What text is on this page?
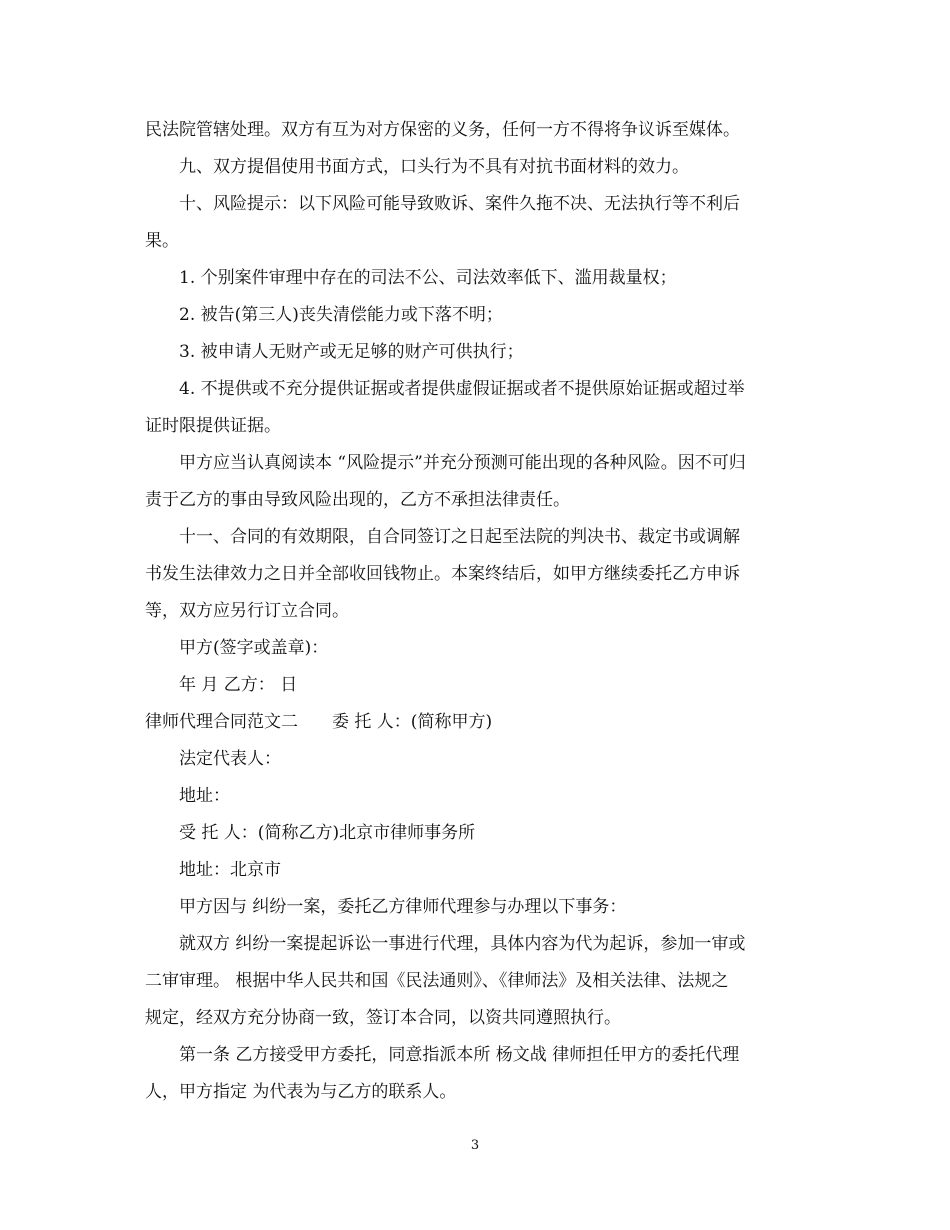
民法院管辖处理。双方有互为对方保密的义务，任何一方不得将争议诉至媒体。
九、双方提倡使用书面方式，口头行为不具有对抗书面材料的效力。
十、风险提示：以下风险可能导致败诉、案件久拖不决、无法执行等不利后
果。
1. 个别案件审理中存在的司法不公、司法效率低下、滥用裁量权；
2. 被告(第三人)丧失清偿能力或下落不明；
3. 被申请人无财产或无足够的财产可供执行；
4. 不提供或不充分提供证据或者提供虚假证据或者不提供原始证据或超过举
证时限提供证据。
甲方应当认真阅读本 “风险提示”并充分预测可能出现的各种风险。因不可归
责于乙方的事由导致风险出现的，乙方不承担法律责任。
十一、合同的有效期限，自合同签订之日起至法院的判决书、裁定书或调解
书发生法律效力之日并全部收回钱物止。本案终结后，如甲方继续委托乙方申诉
等，双方应另行订立合同。
甲方(签字或盖章)：
年 月 乙方： 日
律师代理合同范文二　　委 托 人：(简称甲方)
法定代表人：
地址：
受 托 人：(简称乙方)北京市律师事务所
地址：北京市
甲方因与 纠纷一案，委托乙方律师代理参与办理以下事务：
就双方 纠纷一案提起诉讼一事进行代理，具体内容为代为起诉，参加一审或
二审审理。 根据中华人民共和国《民法通则》、《律师法》及相关法律、法规之
规定，经双方充分协商一致，签订本合同，以资共同遵照执行。
第一条 乙方接受甲方委托，同意指派本所 杨文战 律师担任甲方的委托代理
人，甲方指定 为代表为与乙方的联系人。
3
